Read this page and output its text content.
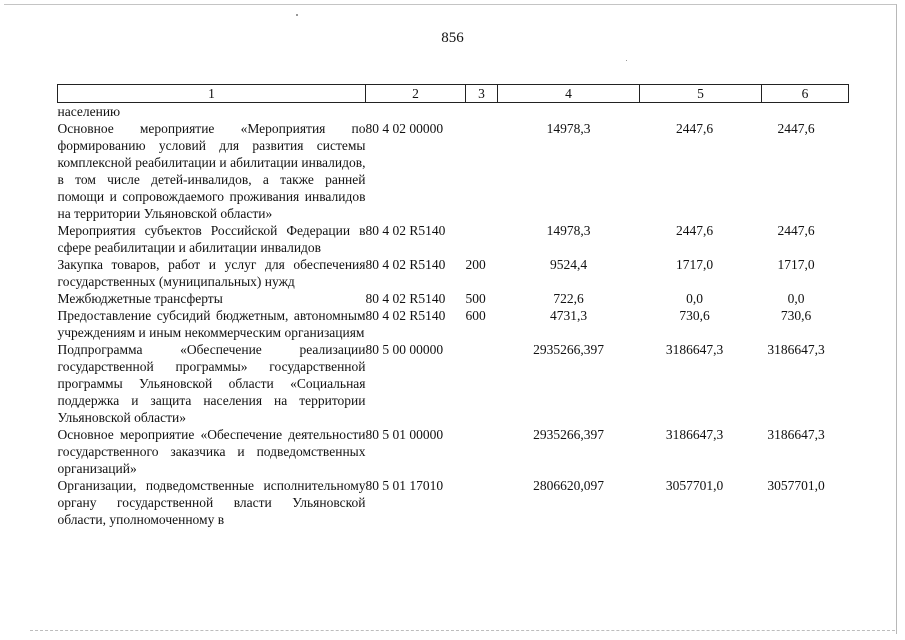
856
1	2	3	4	5	6
населению					
Основное мероприятие «Мероприятия по формированию условий для развития системы комплексной реабилитации и абилитации инвалидов, в том числе детей-инвалидов, а также ранней помощи и сопровождаемого проживания инвалидов на территории Ульяновской области»	80 4 02 00000		14978,3	2447,6	2447,6
Мероприятия субъектов Российской Федерации в сфере реабилитации и абилитации инвалидов	80 4 02 R5140		14978,3	2447,6	2447,6
Закупка товаров, работ и услуг для обеспечения государственных (муниципальных) нужд	80 4 02 R5140	200	9524,4	1717,0	1717,0
Межбюджетные трансферты	80 4 02 R5140	500	722,6	0,0	0,0
Предоставление субсидий бюджетным, автономным учреждениям и иным некоммерческим организациям	80 4 02 R5140	600	4731,3	730,6	730,6
Подпрограмма «Обеспечение реализации государственной программы» государственной программы Ульяновской области «Социальная поддержка и защита населения на территории Ульяновской области»	80 5 00 00000		2935266,397	3186647,3	3186647,3
Основное мероприятие «Обеспечение деятельности государственного заказчика и подведомственных организаций»	80 5 01 00000		2935266,397	3186647,3	3186647,3
Организации, подведомственные исполнительному органу государственной власти Ульяновской области, уполномоченному в	80 5 01 17010		2806620,097	3057701,0	3057701,0
